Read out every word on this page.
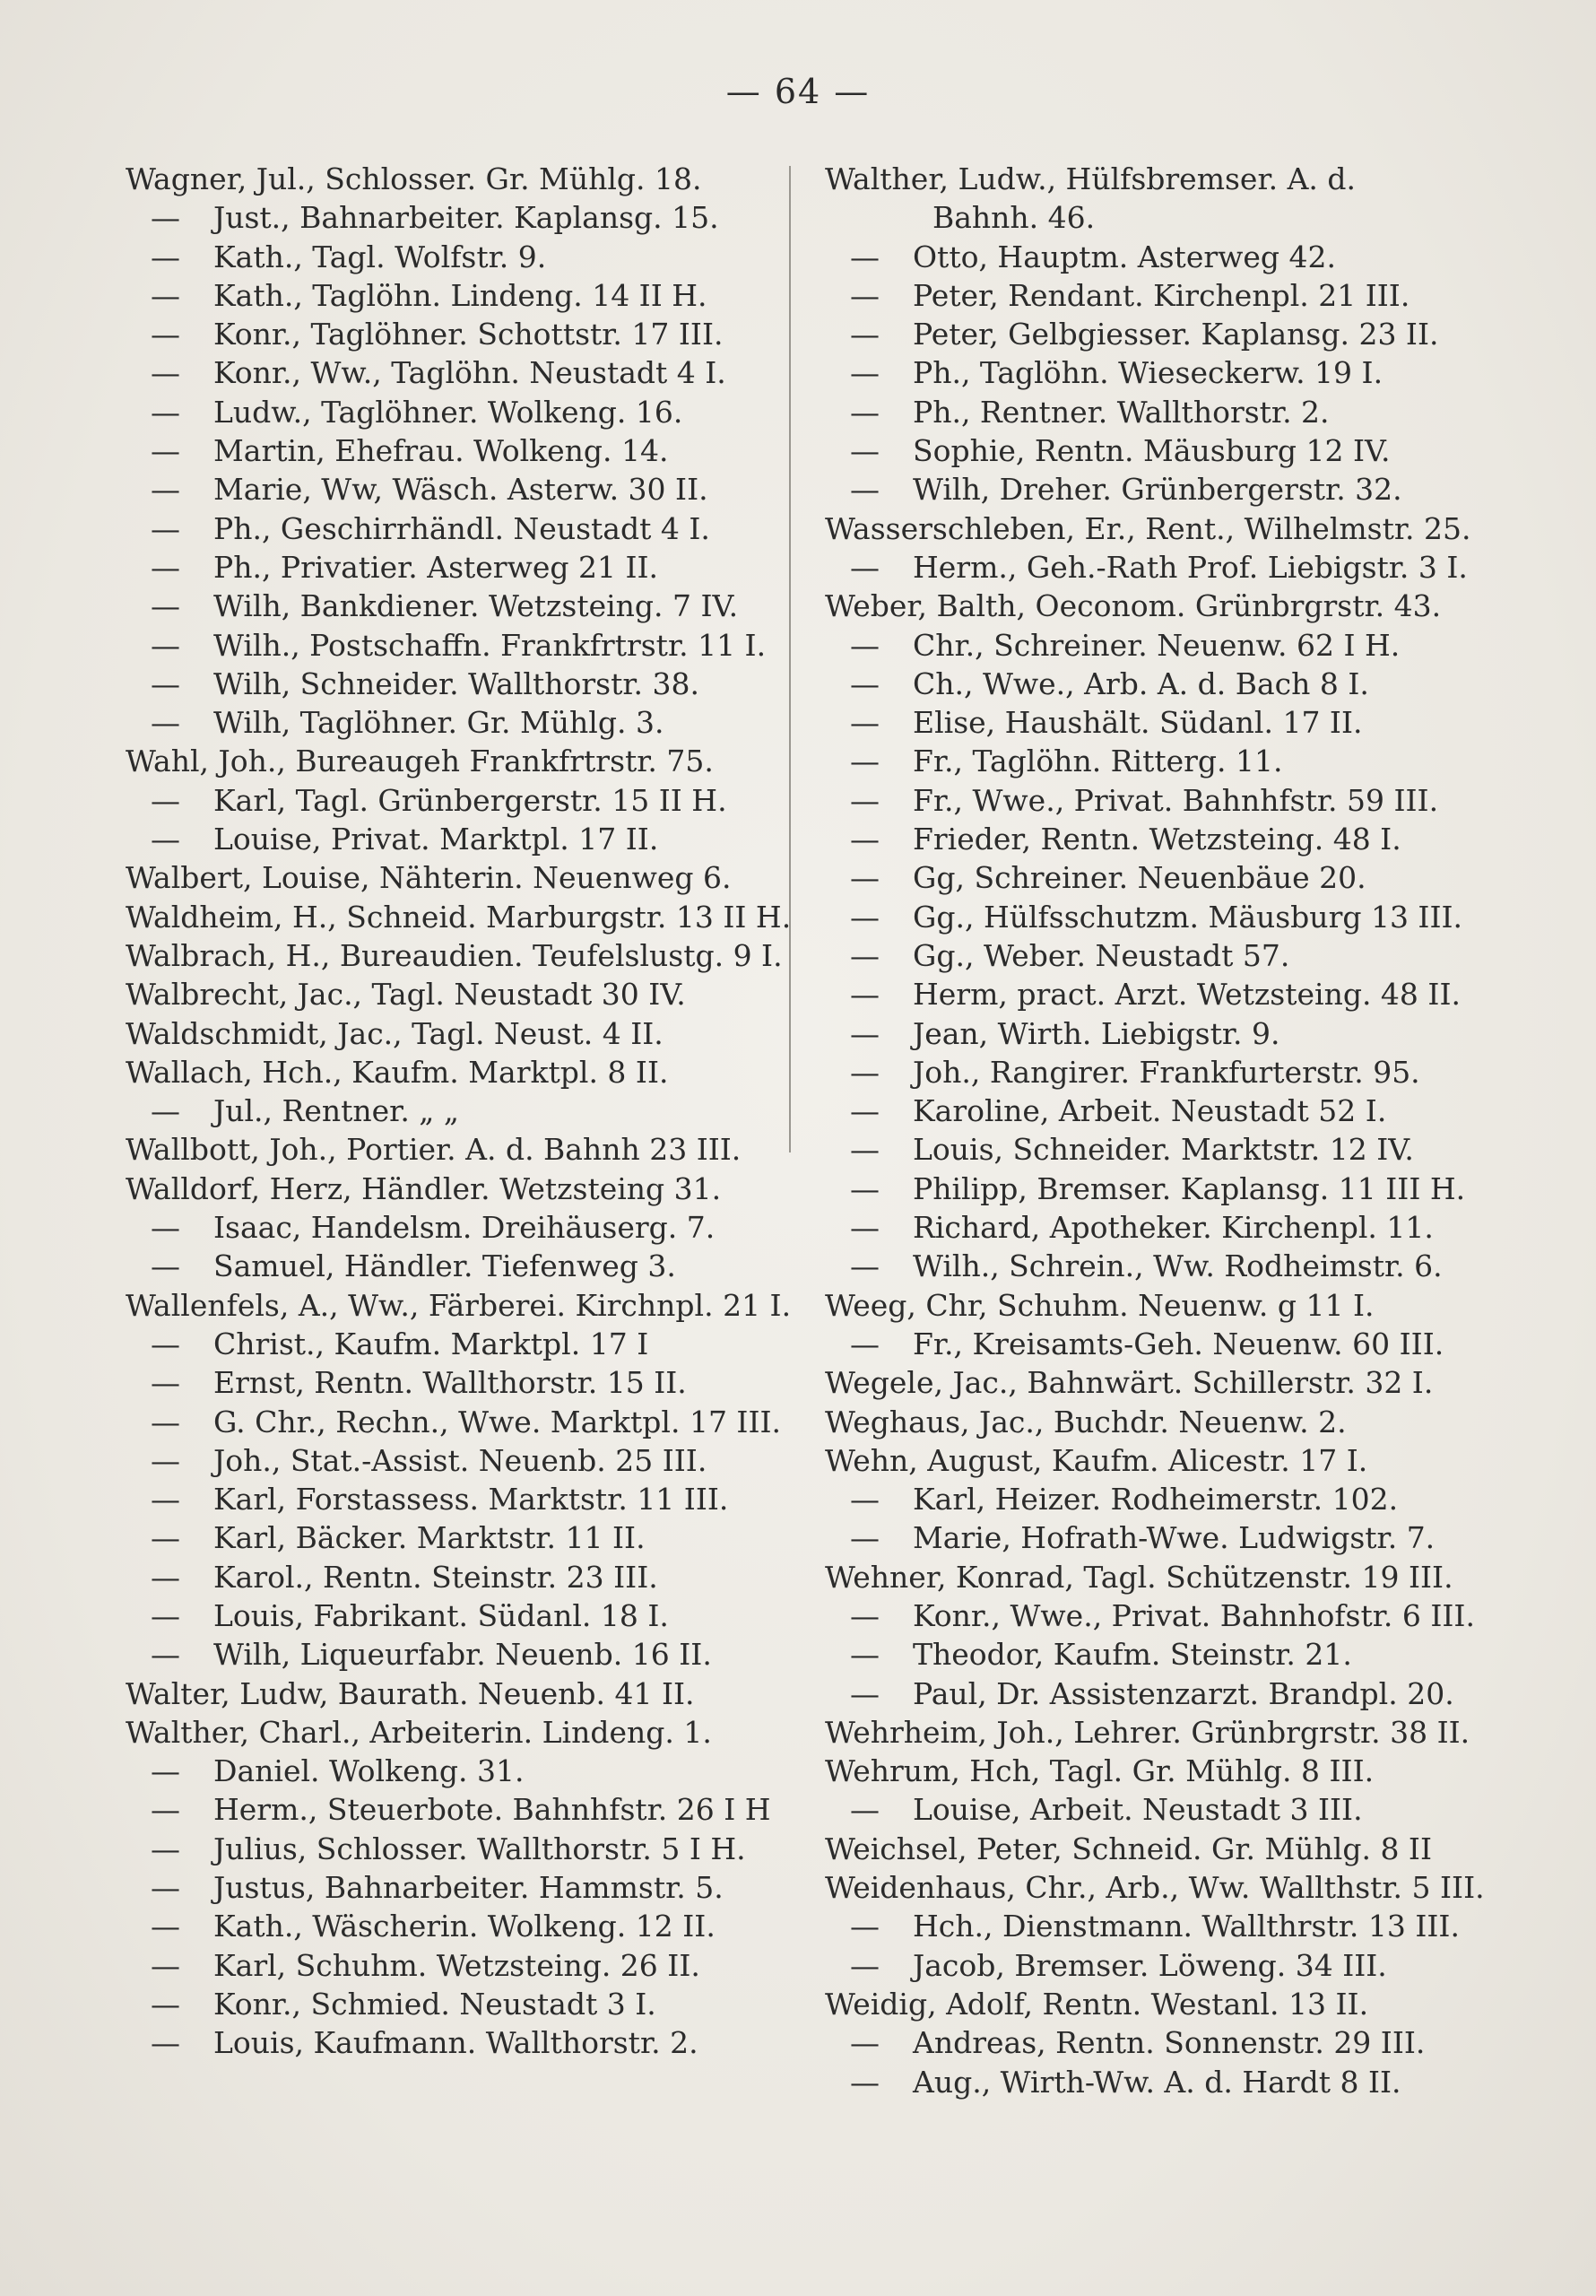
— 64 —
Wagner, Jul., Schlosser. Gr. Mühlg. 18.
— Just., Bahnarbeiter. Kaplansg. 15.
— Kath., Tagl. Wolfstr. 9.
— Kath., Taglöhn. Lindeng. 14 II H.
— Konr., Taglöhner. Schottstr. 17 III.
— Konr., Ww., Taglöhn. Neustadt 4 I.
— Ludw., Taglöhner. Wolkeng. 16.
— Martin, Ehefrau. Wolkeng. 14.
— Marie, Ww, Wäsch. Asterw. 30 II.
— Ph., Geschirrhändl. Neustadt 4 I.
— Ph., Privatier. Asterweg 21 II.
— Wilh, Bankdiener. Wetzsteing. 7 IV.
— Wilh., Postschaffn. Frankfrtrstr. 11 I.
— Wilh, Schneider. Wallthorstr. 38.
— Wilh, Taglöhner. Gr. Mühlg. 3.
Wahl, Joh., Bureaugeh Frankfrtrstr. 75.
— Karl, Tagl. Grünbergerstr. 15 II H.
— Louise, Privat. Marktpl. 17 II.
Walbert, Louise, Nähterin. Neuenweg 6.
Waldheim, H., Schneid. Marburgstr. 13 II H.
Walbrach, H., Bureaudien. Teufelslustg. 9 I.
Walbrecht, Jac., Tagl. Neustadt 30 IV.
Waldschmidt, Jac., Tagl. Neust. 4 II.
Wallach, Hch., Kaufm. Marktpl. 8 II.
— Jul., Rentner. „ „
Wallbott, Joh., Portier. A. d. Bahnh 23 III.
Walldorf, Herz, Händler. Wetzsteing 31.
— Isaac, Handelsm. Dreihäuserg. 7.
— Samuel, Händler. Tiefenweg 3.
Wallenfels, A., Ww., Färberei. Kirchnpl. 21 I.
— Christ., Kaufm. Marktpl. 17 I
— Ernst, Rentn. Wallthorstr. 15 II.
— G. Chr., Rechn., Wwe. Marktpl. 17 III.
— Joh., Stat.-Assist. Neuenb. 25 III.
— Karl, Forstassess. Marktstr. 11 III.
— Karl, Bäcker. Marktstr. 11 II.
— Karol., Rentn. Steinstr. 23 III.
— Louis, Fabrikant. Südanl. 18 I.
— Wilh, Liqueurfabr. Neuenb. 16 II.
Walter, Ludw, Baurath. Neuenb. 41 II.
Walther, Charl., Arbeiterin. Lindeng. 1.
— Daniel. Wolkeng. 31.
— Herm., Steuerbote. Bahnhfstr. 26 I H
— Julius, Schlosser. Wallthorstr. 5 I H.
— Justus, Bahnarbeiter. Hammstr. 5.
— Kath., Wäscherin. Wolkeng. 12 II.
— Karl, Schuhm. Wetzsteing. 26 II.
— Konr., Schmied. Neustadt 3 I.
— Louis, Kaufmann. Wallthorstr. 2.
Walther, Ludw., Hülfsbremser. A. d.
Bahnh. 46.
— Otto, Hauptm. Asterweg 42.
— Peter, Rendant. Kirchenpl. 21 III.
— Peter, Gelbgiesser. Kaplansg. 23 II.
— Ph., Taglöhn. Wieseckerw. 19 I.
— Ph., Rentner. Wallthorstr. 2.
— Sophie, Rentn. Mäusburg 12 IV.
— Wilh, Dreher. Grünbergerstr. 32.
Wasserschleben, Er., Rent., Wilhelmstr. 25.
— Herm., Geh.-Rath Prof. Liebigstr. 3 I.
Weber, Balth, Oeconom. Grünbrgrstr. 43.
— Chr., Schreiner. Neuenw. 62 I H.
— Ch., Wwe., Arb. A. d. Bach 8 I.
— Elise, Haushält. Südanl. 17 II.
— Fr., Taglöhn. Ritterg. 11.
— Fr., Wwe., Privat. Bahnhfstr. 59 III.
— Frieder, Rentn. Wetzsteing. 48 I.
— Gg, Schreiner. Neuenbäue 20.
— Gg., Hülfsschutzm. Mäusburg 13 III.
— Gg., Weber. Neustadt 57.
— Herm, pract. Arzt. Wetzsteing. 48 II.
— Jean, Wirth. Liebigstr. 9.
— Joh., Rangirer. Frankfurterstr. 95.
— Karoline, Arbeit. Neustadt 52 I.
— Louis, Schneider. Marktstr. 12 IV.
— Philipp, Bremser. Kaplansg. 11 III H.
— Richard, Apotheker. Kirchenpl. 11.
— Wilh., Schrein., Ww. Rodheimstr. 6.
Weeg, Chr, Schuhm. Neuenw. g 11 I.
— Fr., Kreisamts-Geh. Neuenw. 60 III.
Wegele, Jac., Bahnwärt. Schillerstr. 32 I.
Weghaus, Jac., Buchdr. Neuenw. 2.
Wehn, August, Kaufm. Alicestr. 17 I.
— Karl, Heizer. Rodheimerstr. 102.
— Marie, Hofrath-Wwe. Ludwigstr. 7.
Wehner, Konrad, Tagl. Schützenstr. 19 III.
— Konr., Wwe., Privat. Bahnhofstr. 6 III.
— Theodor, Kaufm. Steinstr. 21.
— Paul, Dr. Assistenzarzt. Brandpl. 20.
Wehrheim, Joh., Lehrer. Grünbrgrstr. 38 II.
Wehrum, Hch, Tagl. Gr. Mühlg. 8 III.
— Louise, Arbeit. Neustadt 3 III.
Weichsel, Peter, Schneid. Gr. Mühlg. 8 II
Weidenhaus, Chr., Arb., Ww. Wallthstr. 5 III.
— Hch., Dienstmann. Wallthrstr. 13 III.
— Jacob, Bremser. Löweng. 34 III.
Weidig, Adolf, Rentn. Westanl. 13 II.
— Andreas, Rentn. Sonnenstr. 29 III.
— Aug., Wirth-Ww. A. d. Hardt 8 II.
